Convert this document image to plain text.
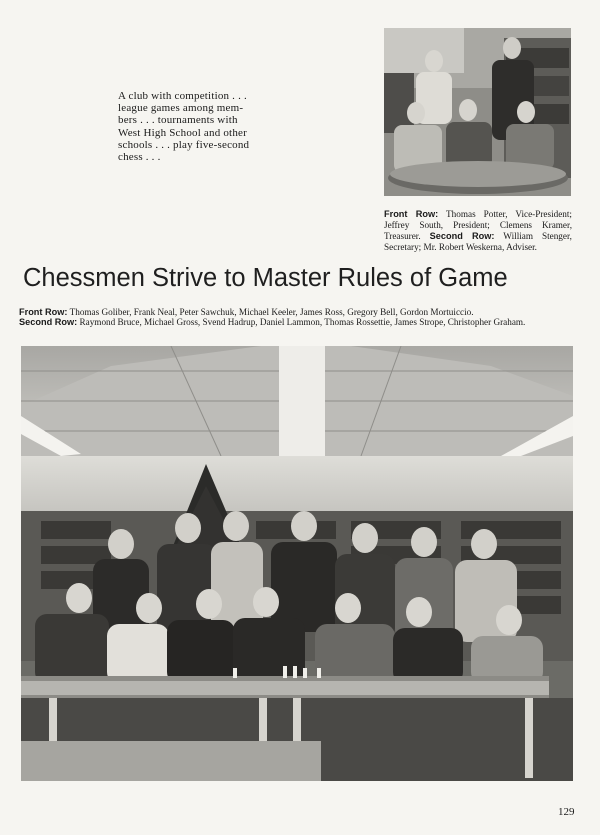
A club with competition . . .
league games among mem-
bers . . . tournaments with
West High School and other
schools . . . play five-second
chess . . .
Front Row: Thomas Potter, Vice-President; Jeffrey South, President; Clemens Kramer, Treasurer. Second Row: William Stenger, Secretary; Mr. Robert Weskerna, Adviser.
Chessmen Strive to Master Rules of Game
Front Row: Thomas Goliber, Frank Neal, Peter Sawchuk, Michael Keeler, James Ross, Gregory Bell, Gordon Mortuiccio.
Second Row: Raymond Bruce, Michael Gross, Svend Hadrup, Daniel Lammon, Thomas Rossettie, James Strope, Christopher Graham.
129
